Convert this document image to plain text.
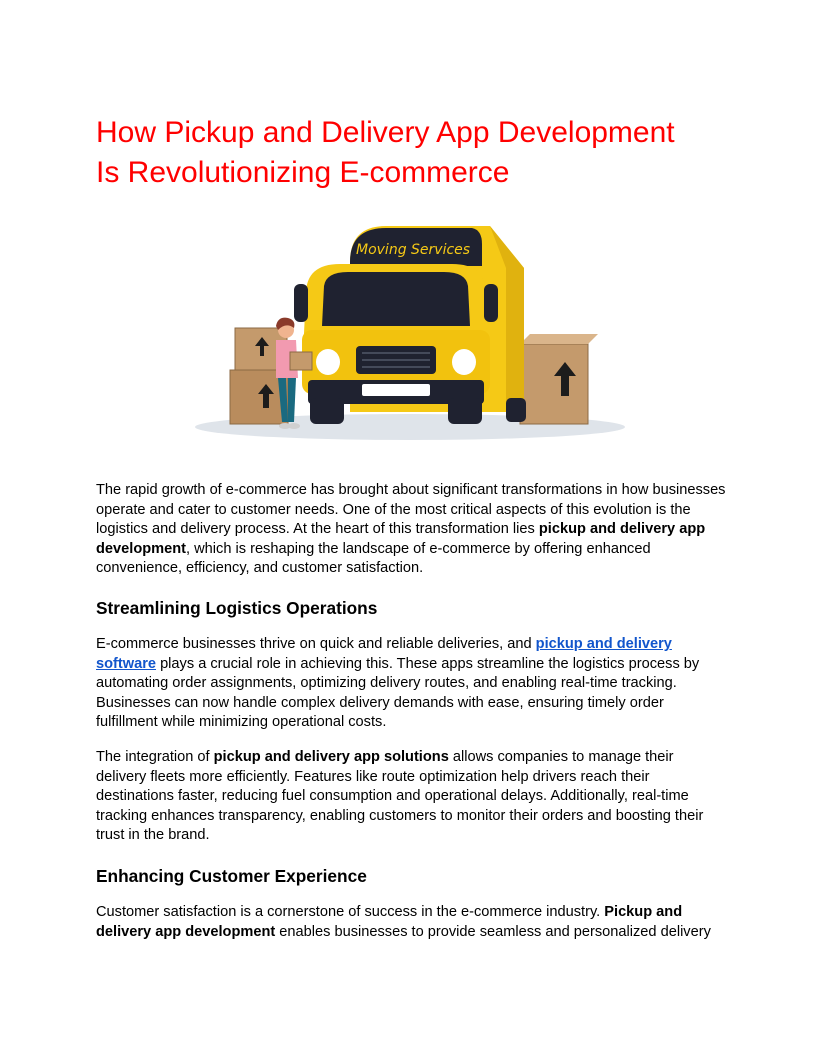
How Pickup and Delivery App Development
Is Revolutionizing E-commerce
Moving Services

The rapid growth of e-commerce has brought about significant transformations in how businesses operate and cater to customer needs. One of the most critical aspects of this evolution is the logistics and delivery process. At the heart of this transformation lies pickup and delivery app development, which is reshaping the landscape of e-commerce by offering enhanced convenience, efficiency, and customer satisfaction.

Streamlining Logistics Operations

E-commerce businesses thrive on quick and reliable deliveries, and pickup and delivery software plays a crucial role in achieving this. These apps streamline the logistics process by automating order assignments, optimizing delivery routes, and enabling real-time tracking. Businesses can now handle complex delivery demands with ease, ensuring timely order fulfillment while minimizing operational costs.

The integration of pickup and delivery app solutions allows companies to manage their delivery fleets more efficiently. Features like route optimization help drivers reach their destinations faster, reducing fuel consumption and operational delays. Additionally, real-time tracking enhances transparency, enabling customers to monitor their orders and boosting their trust in the brand.

Enhancing Customer Experience

Customer satisfaction is a cornerstone of success in the e-commerce industry. Pickup and delivery app development enables businesses to provide seamless and personalized delivery
